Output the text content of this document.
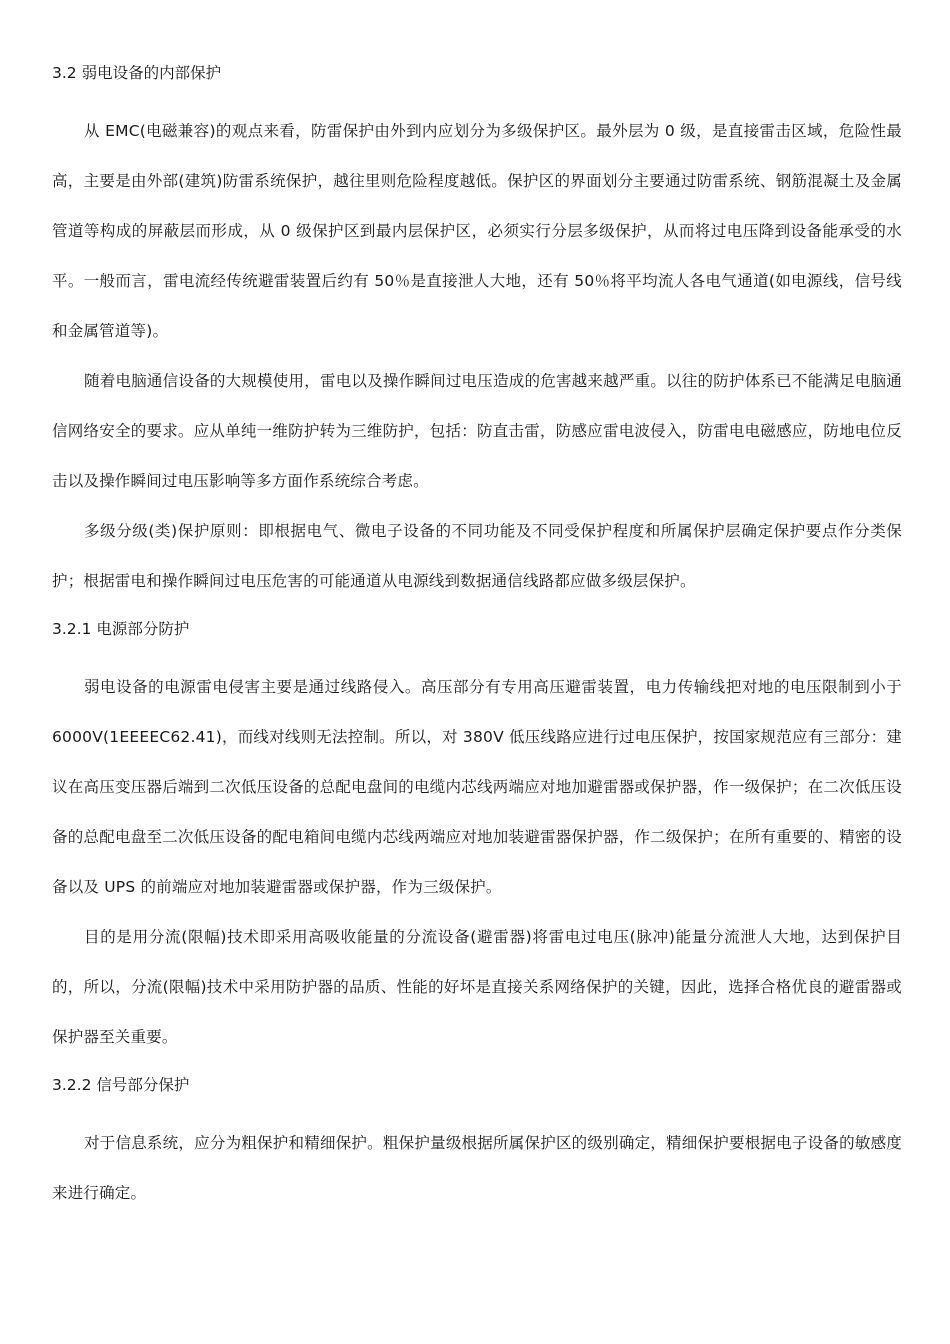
3.2 弱电设备的内部保护

从 EMC(电磁兼容)的观点来看，防雷保护由外到内应划分为多级保护区。最外层为 0 级，是直接雷击区域，危险性最高，主要是由外部(建筑)防雷系统保护，越往里则危险程度越低。保护区的界面划分主要通过防雷系统、钢筋混凝土及金属管道等构成的屏蔽层而形成，从 0 级保护区到最内层保护区，必须实行分层多级保护，从而将过电压降到设备能承受的水平。一般而言，雷电流经传统避雷装置后约有 50％是直接泄人大地，还有 50％将平均流人各电气通道(如电源线，信号线和金属管道等)。

随着电脑通信设备的大规模使用，雷电以及操作瞬间过电压造成的危害越来越严重。以往的防护体系已不能满足电脑通信网络安全的要求。应从单纯一维防护转为三维防护，包括：防直击雷，防感应雷电波侵入，防雷电电磁感应，防地电位反击以及操作瞬间过电压影响等多方面作系统综合考虑。

多级分级(类)保护原则：即根据电气、微电子设备的不同功能及不同受保护程度和所属保护层确定保护要点作分类保护；根据雷电和操作瞬间过电压危害的可能通道从电源线到数据通信线路都应做多级层保护。

3.2.1 电源部分防护

弱电设备的电源雷电侵害主要是通过线路侵入。高压部分有专用高压避雷装置，电力传输线把对地的电压限制到小于 6000V(1EEEEC62.41)，而线对线则无法控制。所以，对 380V 低压线路应进行过电压保护，按国家规范应有三部分：建议在高压变压器后端到二次低压设备的总配电盘间的电缆内芯线两端应对地加避雷器或保护器，作一级保护；在二次低压设备的总配电盘至二次低压设备的配电箱间电缆内芯线两端应对地加装避雷器保护器，作二级保护；在所有重要的、精密的设备以及 UPS 的前端应对地加装避雷器或保护器，作为三级保护。

目的是用分流(限幅)技术即采用高吸收能量的分流设备(避雷器)将雷电过电压(脉冲)能量分流泄人大地，达到保护目的，所以，分流(限幅)技术中采用防护器的品质、性能的好坏是直接关系网络保护的关键，因此，选择合格优良的避雷器或保护器至关重要。

3.2.2 信号部分保护

对于信息系统，应分为粗保护和精细保护。粗保护量级根据所属保护区的级别确定，精细保护要根据电子设备的敏感度来进行确定。
